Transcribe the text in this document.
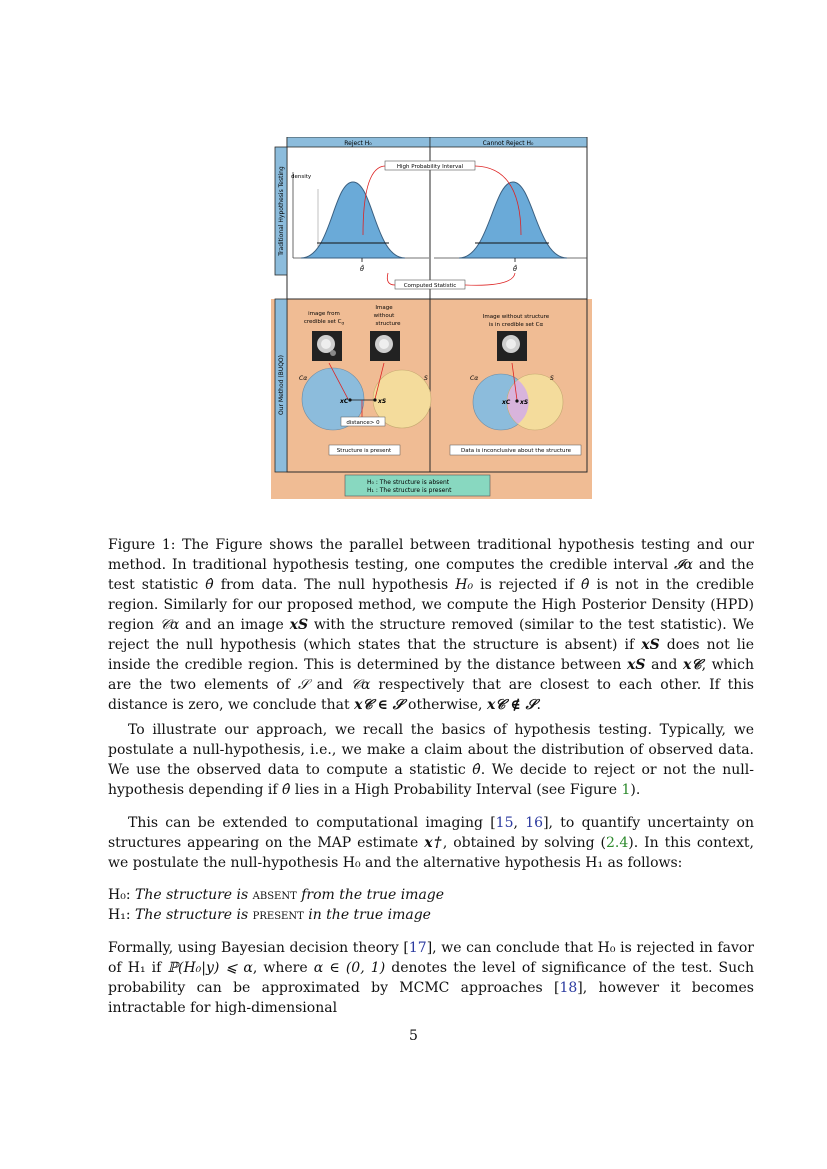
Reject H₀	Cannot Reject H₀
Traditional Hypothesis Testing density
High Probability Interval
θ̂	θ̂
Computed Statistic
Our Method (BUQO)
image from
credible set $C_\alpha$
Image
without
structure
Cα	S
xC	xS
distance> 0
Structure is present
Image without structure
is in credible set Cα
Cα	S
xC xS
Data is inconclusive about the structure
H₀ : The structure is absent
H₁ : The structure is present

Figure 1: The Figure shows the parallel between traditional hypothesis testing and our method. In traditional hypothesis testing, one computes the credible interval 𝓘α and the test statistic θ̂ from data. The null hypothesis H₀ is rejected if θ̂ is not in the credible region. Similarly for our proposed method, we compute the High Posterior Density (HPD) region 𝒞α and an image xS with the structure removed (similar to the test statistic). We reject the null hypothesis (which states that the structure is absent) if xS does not lie inside the credible region. This is determined by the distance between xS and x𝒞, which are the two elements of 𝒮 and 𝒞α respectively that are closest to each other. If this distance is zero, we conclude that x𝒞 ∈ 𝒮 otherwise, x𝒞 ∉ 𝒮.

To illustrate our approach, we recall the basics of hypothesis testing. Typically, we postulate a null-hypothesis, i.e., we make a claim about the distribution of observed data. We use the observed data to compute a statistic θ̂. We decide to reject or not the null-hypothesis depending if θ̂ lies in a High Probability Interval (see Figure 1).

This can be extended to computational imaging [15, 16], to quantify uncertainty on structures appearing on the MAP estimate x†, obtained by solving (2.4). In this context, we postulate the null-hypothesis H₀ and the alternative hypothesis H₁ as follows:

H₀: The structure is absent from the true image

H₁: The structure is present in the true image

Formally, using Bayesian decision theory [17], we can conclude that H₀ is rejected in favor of H₁ if ℙ(H₀|y) ⩽ α, where α ∈ (0, 1) denotes the level of significance of the test. Such probability can be approximated by MCMC approaches [18], however it becomes intractable for high-dimensional

5
